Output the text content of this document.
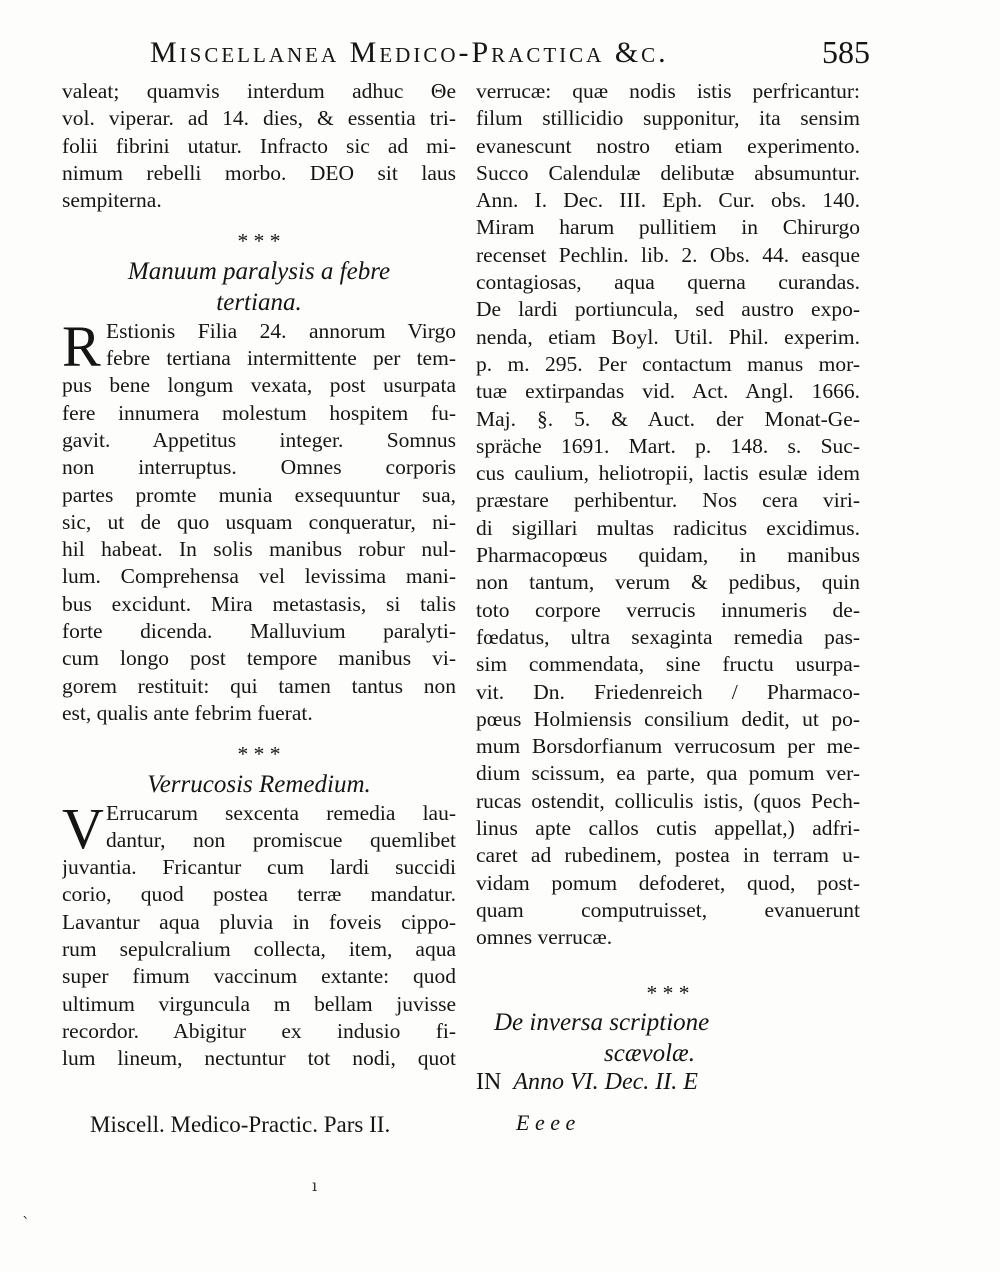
Miscellanea Medico-Practica &c.	585
valeat; quamvis interdum adhuc Θe
vol. viperar. ad 14. dies, & essentia tri-
folii fibrini utatur. Infracto sic ad mi-
nimum rebelli morbo. DEO sit laus
sempiterna.
* * *
Manuum paralysis a febre
tertiana.
R Estionis Filia 24. annorum Virgo
febre tertiana intermittente per tem-
pus bene longum vexata, post usurpata
fere innumera molestum hospitem fu-
gavit. Appetitus integer. Somnus
non interruptus. Omnes corporis
partes promte munia exsequuntur sua,
sic, ut de quo usquam conqueratur, ni-
hil habeat. In solis manibus robur nul-
lum. Comprehensa vel levissima mani-
bus excidunt. Mira metastasis, si talis
forte dicenda. Malluvium paralyti-
cum longo post tempore manibus vi-
gorem restituit: qui tamen tantus non
est, qualis ante febrim fuerat.
* * *
Verrucosis Remedium.
V Errucarum sexcenta remedia lau-
dantur, non promiscue quemlibet
juvantia. Fricantur cum lardi succidi
corio, quod postea terræ mandatur.
Lavantur aqua pluvia in foveis cippo-
rum sepulcralium collecta, item, aqua
super fimum vaccinum extante: quod
ultimum virguncula m bellam juvisse
recordor. Abigitur ex indusio fi-
lum lineum, nectuntur tot nodi, quot
verrucæ: quæ nodis istis perfricantur:
filum stillicidio supponitur, ita sensim
evanescunt nostro etiam experimento.
Succo Calendulæ delibutæ absumuntur.
Ann. I. Dec. III. Eph. Cur. obs. 140.
Miram harum pullitiem in Chirurgo
recenset Pechlin. lib. 2. Obs. 44. easque
contagiosas, aqua querna curandas.
De lardi portiuncula, sed austro expo-
nenda, etiam Boyl. Util. Phil. experim.
p. m. 295. Per contactum manus mor-
tuæ extirpandas vid. Act. Angl. 1666.
Maj. §. 5. & Auct. der Monat-Ge-
spräche 1691. Mart. p. 148. s. Suc-
cus caulium, heliotropii, lactis esulæ idem
præstare perhibentur. Nos cera viri-
di sigillari multas radicitus excidimus.
Pharmacopœus quidam, in manibus
non tantum, verum & pedibus, quin
toto corpore verrucis innumeris de-
fœdatus, ultra sexaginta remedia pas-
sim commendata, sine fructu usurpa-
vit. Dn. Friedenreich / Pharmaco-
pœus Holmiensis consilium dedit, ut po-
mum Borsdorfianum verrucosum per me-
dium scissum, ea parte, qua pomum ver-
rucas ostendit, colliculis istis, (quos Pech-
linus apte callos cutis appellat,) adfri-
caret ad rubedinem, postea in terram u-
vidam pomum defoderet, quod, post-
quam computruisset, evanuerunt
omnes verrucæ.
* * *
De inversa scriptione
scævolæ.
IN Anno VI. Dec. II. E
Miscell. Medico-Practic. Pars II.	E e e e
ı
ˋ
